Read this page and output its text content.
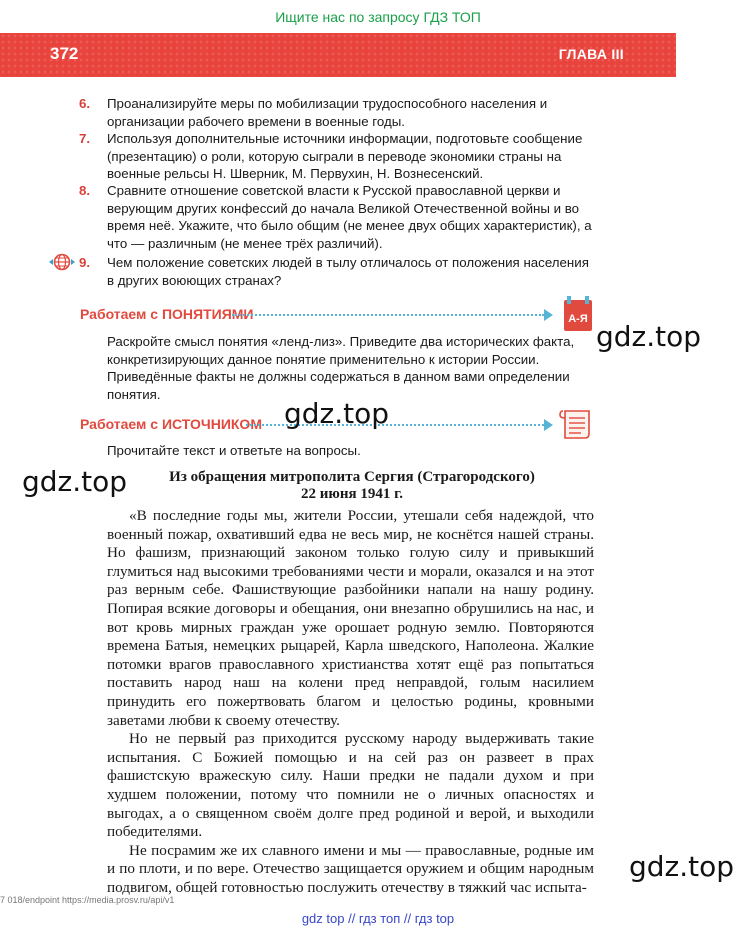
Ищите нас по запросу ГДЗ ТОП
372	ГЛАВА III
6. Проанализируйте меры по мобилизации трудоспособного населения и организации рабочего времени в военные годы.
7. Используя дополнительные источники информации, подготовьте сообщение (презентацию) о роли, которую сыграли в переводе экономики страны на военные рельсы Н. Шверник, М. Первухин, Н. Вознесенский.
8. Сравните отношение советской власти к Русской православной церкви и верующим других конфессий до начала Великой Отечественной войны и во время неё. Укажите, что было общим (не менее двух общих характеристик), а что — различным (не менее трёх различий).
9. Чем положение советских людей в тылу отличалось от положения населения в других воюющих странах?
Работаем с ПОНЯТИЯМИ	А-Я
Раскройте смысл понятия «ленд-лиз». Приведите два исторических факта, конкретизирующих данное понятие применительно к истории России. Приведённые факты не должны содержаться в данном вами определении понятия.
Работаем с ИСТОЧНИКОМ
Прочитайте текст и ответьте на вопросы.
Из обращения митрополита Сергия (Страгородского)
22 июня 1941 г.

«В последние годы мы, жители России, утешали себя надеждой, что военный пожар, охвативший едва не весь мир, не коснётся нашей страны. Но фашизм, признающий законом только голую силу и привыкший глумиться над высокими требованиями чести и морали, оказался и на этот раз верным себе. Фашиствующие разбойники напали на нашу родину. Попирая всякие договоры и обещания, они внезапно обрушились на нас, и вот кровь мирных граждан уже орошает родную землю. Повторяются времена Батыя, немецких рыцарей, Карла шведского, Наполеона. Жалкие потомки врагов православного христианства хотят ещё раз попытаться поставить народ наш на колени пред неправдой, голым насилием принудить его пожертвовать благом и целостью родины, кровными заветами любви к своему отечеству.

Но не первый раз приходится русскому народу выдерживать такие испытания. С Божией помощью и на сей раз он развеет в прах фашистскую вражескую силу. Наши предки не падали духом и при худшем положении, потому что помнили не о личных опасностях и выгодах, а о священном своём долге пред родиной и верой, и выходили победителями.

Не посрамим же их славного имени и мы — православные, родные им и по плоти, и по вере. Отечество защищается оружием и общим народным подвигом, общей готовностью послужить отечеству в тяжкий час испыта-

gdz.top
gdz.top
gdz.top
gdz.top
7 018/endpoint https://media.prosv.ru/api/v1
gdz top // гдз топ // гдз top
